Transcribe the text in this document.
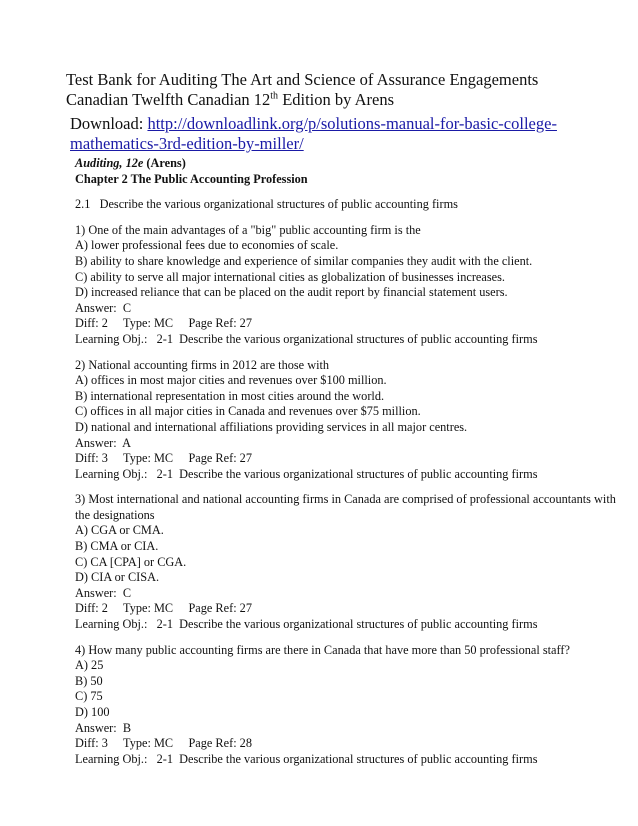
Test Bank for Auditing The Art and Science of Assurance Engagements
Canadian Twelfth Canadian 12th Edition by Arens
Download: http://downloadlink.org/p/solutions-manual-for-basic-college-mathematics-3rd-edition-by-miller/
Auditing, 12e (Arens)
Chapter 2 The Public Accounting Profession
2.1   Describe the various organizational structures of public accounting firms
1) One of the main advantages of a "big" public accounting firm is the
A) lower professional fees due to economies of scale.
B) ability to share knowledge and experience of similar companies they audit with the client.
C) ability to serve all major international cities as globalization of businesses increases.
D) increased reliance that can be placed on the audit report by financial statement users.
Answer:  C
Diff: 2     Type: MC     Page Ref: 27
Learning Obj.:   2-1  Describe the various organizational structures of public accounting firms
2) National accounting firms in 2012 are those with
A) offices in most major cities and revenues over $100 million.
B) international representation in most cities around the world.
C) offices in all major cities in Canada and revenues over $75 million.
D) national and international affiliations providing services in all major centres.
Answer:  A
Diff: 3     Type: MC     Page Ref: 27
Learning Obj.:   2-1  Describe the various organizational structures of public accounting firms
3) Most international and national accounting firms in Canada are comprised of professional accountants with the designations
A) CGA or CMA.
B) CMA or CIA.
C) CA [CPA] or CGA.
D) CIA or CISA.
Answer:  C
Diff: 2     Type: MC     Page Ref: 27
Learning Obj.:   2-1  Describe the various organizational structures of public accounting firms
4) How many public accounting firms are there in Canada that have more than 50 professional staff?
A) 25
B) 50
C) 75
D) 100
Answer:  B
Diff: 3     Type: MC     Page Ref: 28
Learning Obj.:   2-1  Describe the various organizational structures of public accounting firms
